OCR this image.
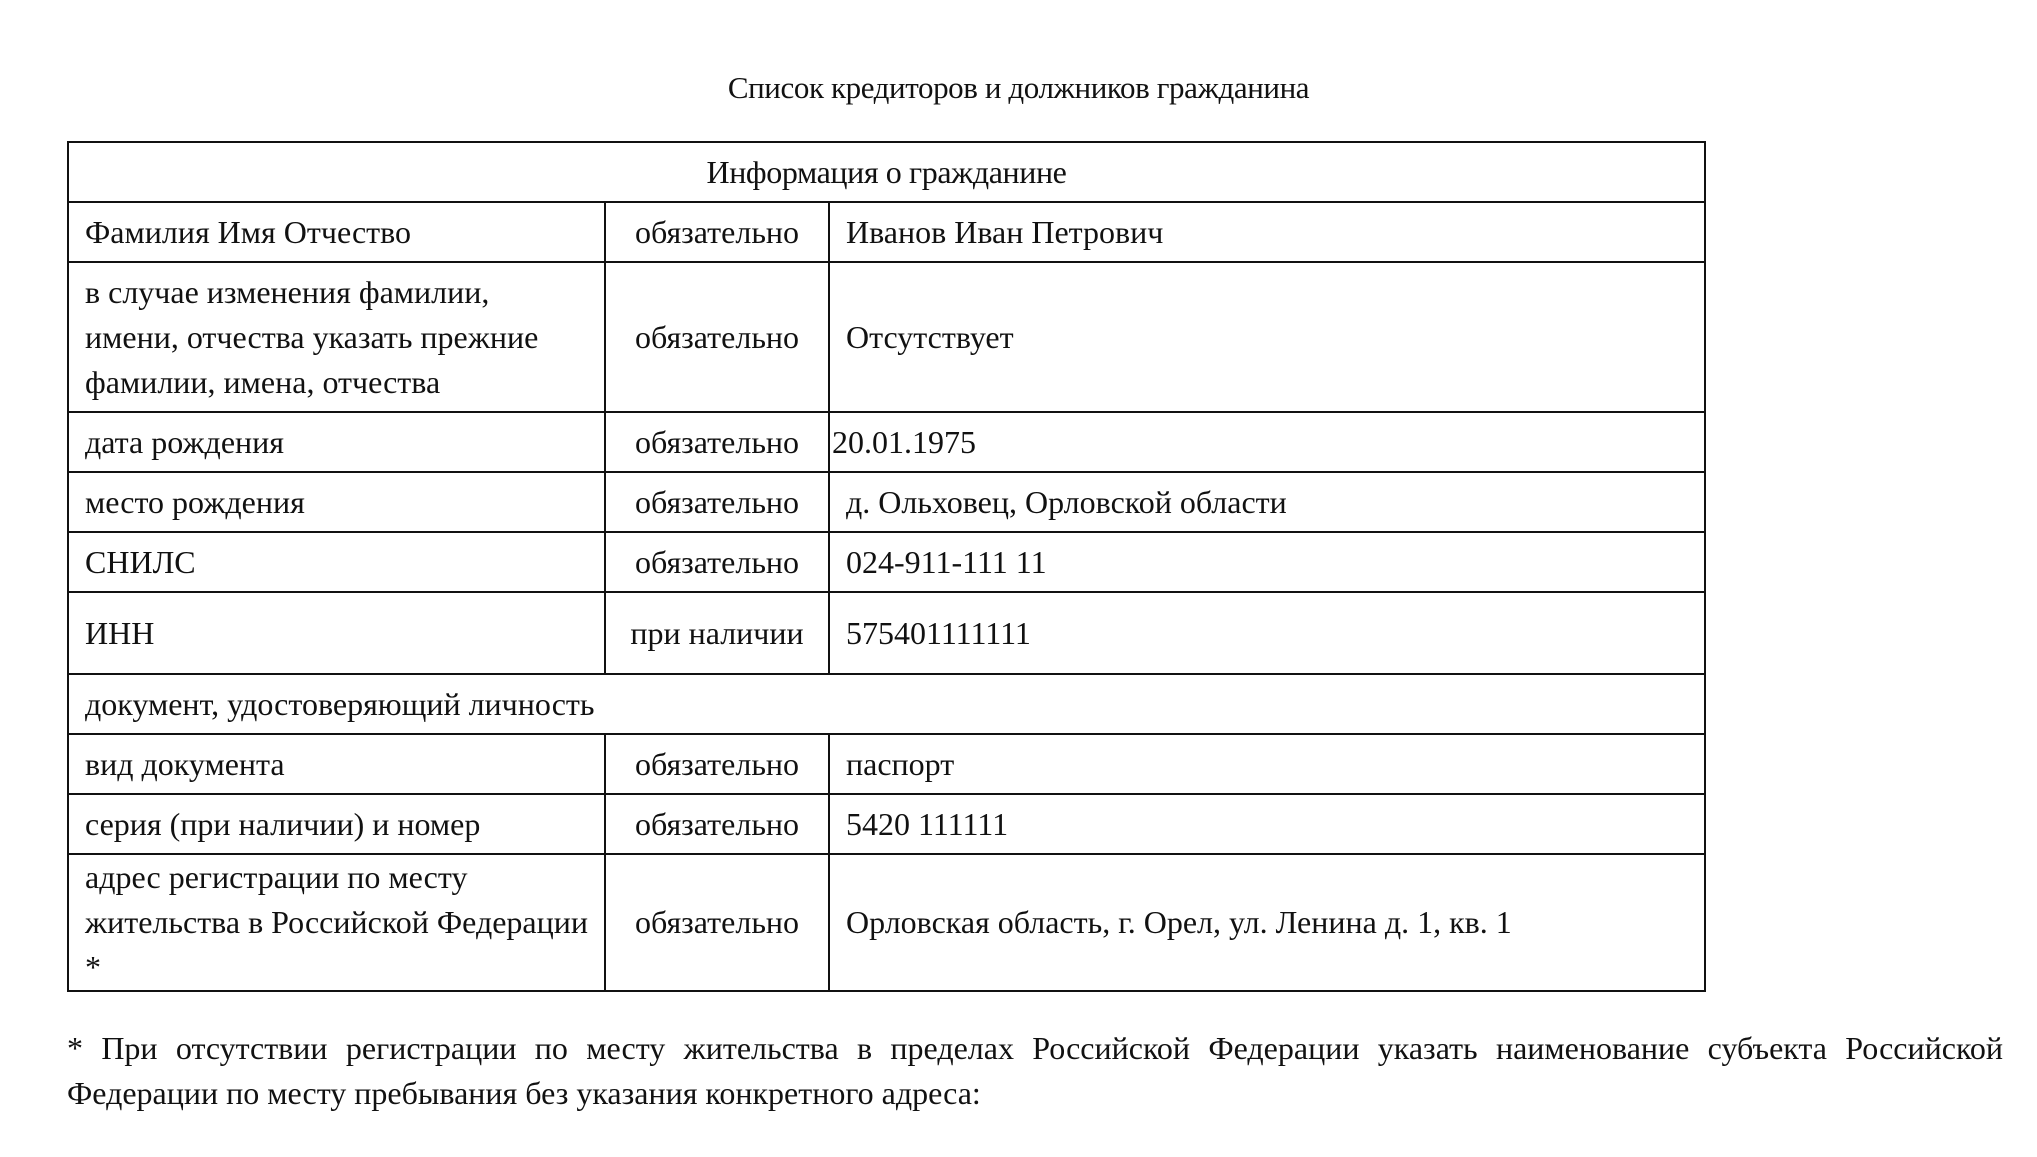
Список кредиторов и должников гражданина
Информация о гражданине		
Фамилия Имя Отчество	обязательно	Иванов Иван Петрович
в случае изменения фамилии, имени, отчества указать прежние фамилии, имена, отчества	обязательно	Отсутствует
дата рождения	обязательно	20.01.1975
место рождения	обязательно	д. Ольховец, Орловской области
СНИЛС	обязательно	024-911-111 11
ИНН	при наличии	575401111111
документ, удостоверяющий личность		
вид документа	обязательно	паспорт
серия (при наличии) и номер	обязательно	5420 111111
адрес регистрации по месту жительства в Российской Федерации *	обязательно	Орловская область, г. Орел, ул. Ленина д. 1, кв. 1
* При отсутствии регистрации по месту жительства в пределах Российской Федерации указать наименование субъекта Российской Федерации по месту пребывания без указания конкретного адреса:
